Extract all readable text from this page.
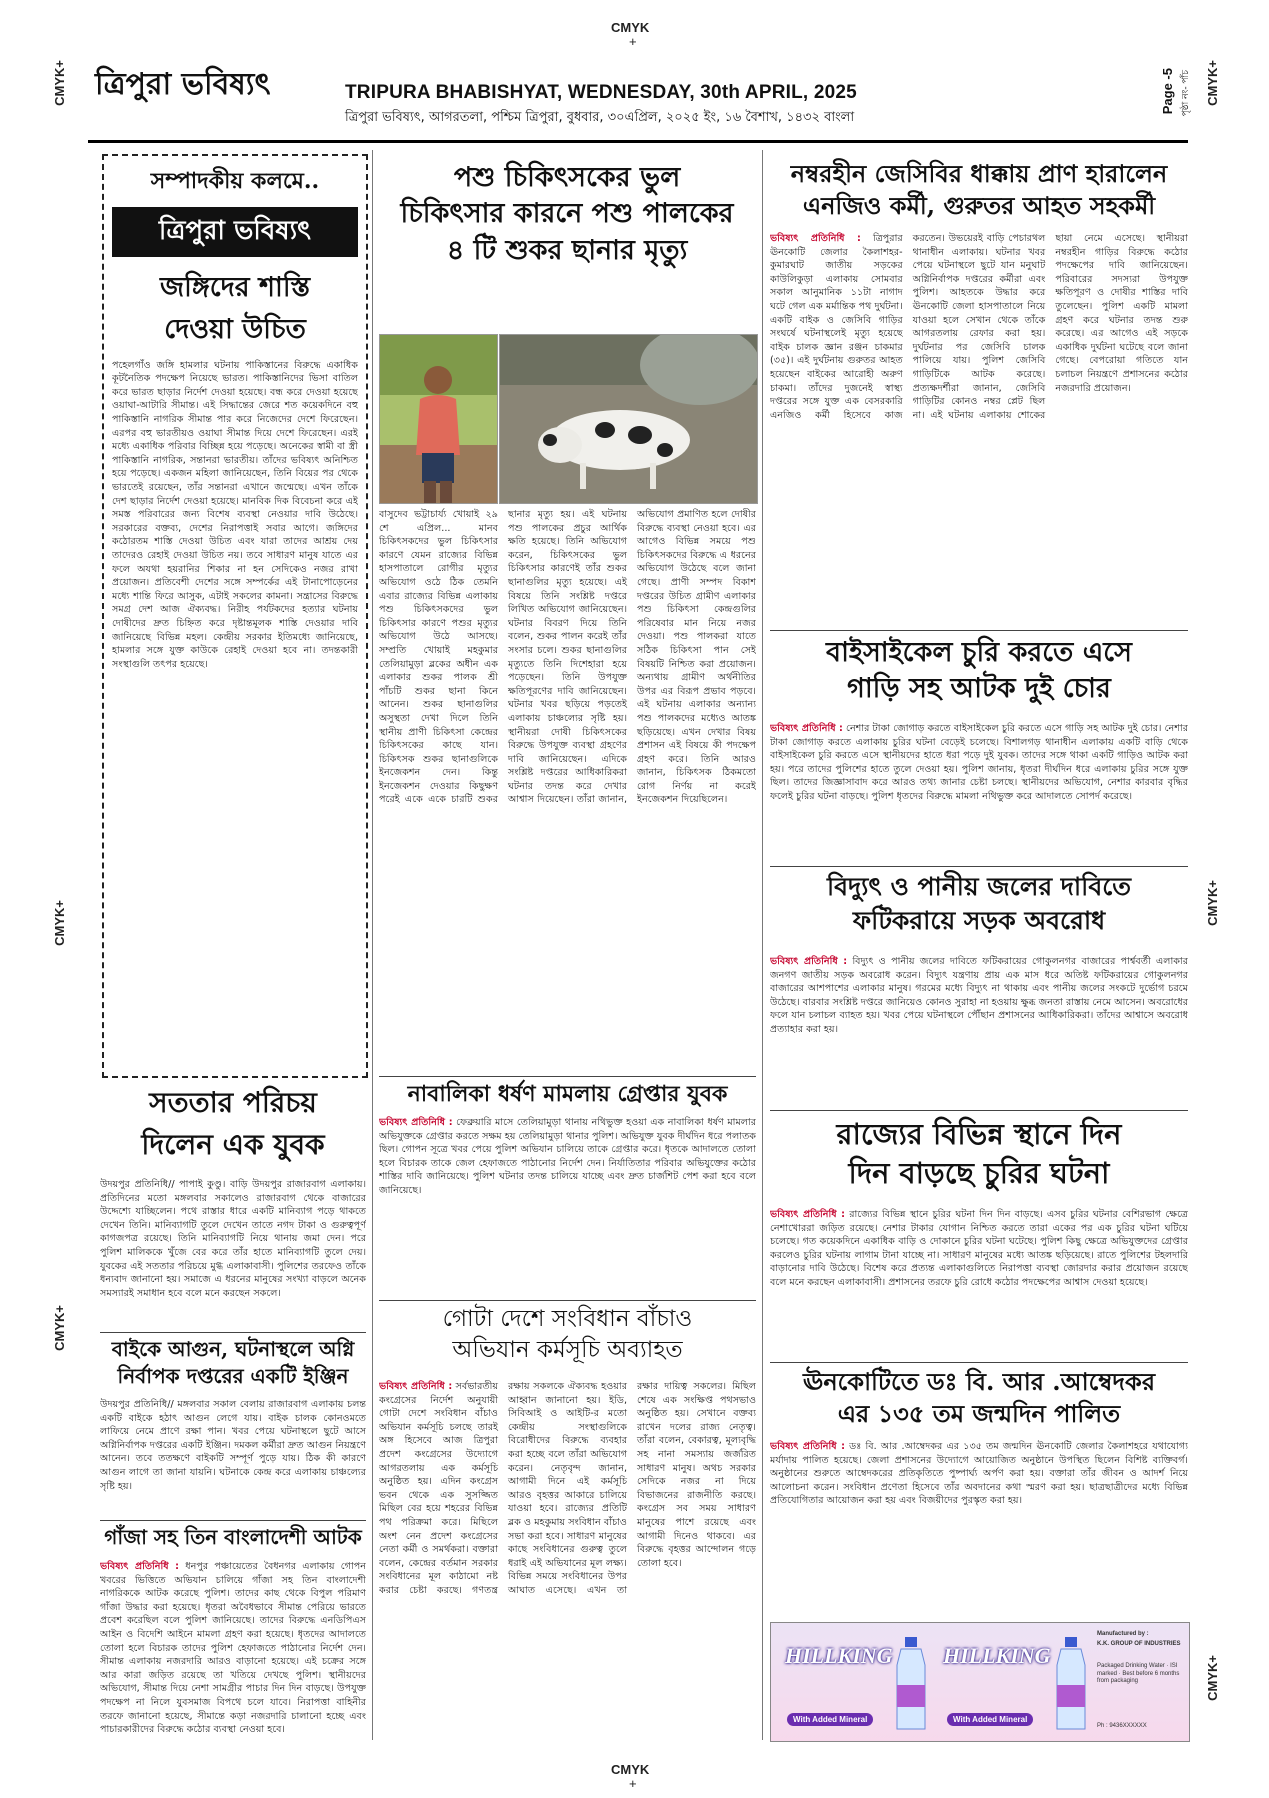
CMYK
+
CMYK
+
CMYK+
CMYK+
CMYK+
CMYK+
CMYK+
CMYK+
ত্রিপুরা ভবিষ্যৎ	TRIPURA BHABISHYAT, WEDNESDAY, 30th APRIL, 2025
ত্রিপুরা ভবিষ্যৎ, আগরতলা, পশ্চিম ত্রিপুরা, বুধবার, ৩০এপ্রিল, ২০২৫ ইং, ১৬ বৈশাখ, ১৪৩২ বাংলা
Page -5 পৃষ্ঠা নং- পাঁচ
সম্পাদকীয় কলমে..
ত্রিপুরা ভবিষ্যৎ
জঙ্গিদের শাস্তি দেওয়া উচিত
পহেলগাঁও জঙ্গি হামলার ঘটনায় পাকিস্তানের বিরুদ্ধে একাধিক কূটনৈতিক পদক্ষেপ নিয়েছে ভারত। পাকিস্তানিদের ভিসা বাতিল করে ভারত ছাড়ার নির্দেশ দেওয়া হয়েছে। বন্ধ করে দেওয়া হয়েছে ওয়াঘা-আটারি সীমান্ত। এই সিদ্ধান্তের জেরে শত কয়েকদিনে বহু পাকিস্তানি নাগরিক সীমান্ত পার করে নিজেদের দেশে ফিরেছেন। এরপর বহু ভারতীয়ও ওয়াঘা সীমান্ত দিয়ে দেশে ফিরেছেন। এরই মধ্যে একাধিক পরিবার বিচ্ছিন্ন হয়ে পড়েছে। অনেকের স্বামী বা স্ত্রী পাকিস্তানি নাগরিক, সন্তানরা ভারতীয়। তাঁদের ভবিষ্যৎ অনিশ্চিত হয়ে পড়েছে। একজন মহিলা জানিয়েছেন, তিনি বিয়ের পর থেকে ভারতেই রয়েছেন, তাঁর সন্তানরা এখানে জন্মেছে। এখন তাঁকে দেশ ছাড়ার নির্দেশ দেওয়া হয়েছে। মানবিক দিক বিবেচনা করে এই সমস্ত পরিবারের জন্য বিশেষ ব্যবস্থা নেওয়ার দাবি উঠেছে। সরকারের বক্তব্য, দেশের নিরাপত্তাই সবার আগে। জঙ্গিদের কঠোরতম শাস্তি দেওয়া উচিত এবং যারা তাদের আশ্রয় দেয় তাদেরও রেহাই দেওয়া উচিত নয়। তবে সাধারণ মানুষ যাতে এর ফলে অযথা হয়রানির শিকার না হন সেদিকেও নজর রাখা প্রয়োজন। প্রতিবেশী দেশের সঙ্গে সম্পর্কের এই টানাপোড়েনের মধ্যে শান্তি ফিরে আসুক, এটাই সকলের কামনা। সন্ত্রাসের বিরুদ্ধে সমগ্র দেশ আজ ঐক্যবদ্ধ। নিরীহ পর্যটকদের হত্যার ঘটনায় দোষীদের দ্রুত চিহ্নিত করে দৃষ্টান্তমূলক শাস্তি দেওয়ার দাবি জানিয়েছে বিভিন্ন মহল। কেন্দ্রীয় সরকার ইতিমধ্যে জানিয়েছে, হামলার সঙ্গে যুক্ত কাউকে রেহাই দেওয়া হবে না। তদন্তকারী সংস্থাগুলি তৎপর হয়েছে।
পশু চিকিৎসকের ভুল
চিকিৎসার কারনে পশু পালকের
৪ টি শুকর ছানার মৃত্যু
বাসুদেব ভট্টাচার্য্য খোয়াই ২৯ শে এপ্রিল... মানব চিকিৎসকদের ভুল চিকিৎসার কারণে যেমন রাজ্যের বিভিন্ন হাসপাতালে রোগীর মৃত্যুর অভিযোগ ওঠে ঠিক তেমনি এবার রাজ্যের বিভিন্ন এলাকায় পশু চিকিৎসকদের ভুল চিকিৎসার কারণে পশুর মৃত্যুর অভিযোগ উঠে আসছে। সম্প্রতি খোয়াই মহকুমার তেলিয়ামুড়া ব্লকের অধীন এক এলাকার শুকর পালক শ্রী পাঁচটি শুকর ছানা কিনে আনেন। শুকর ছানাগুলির অসুস্থতা দেখা দিলে তিনি স্থানীয় প্রাণী চিকিৎসা কেন্দ্রের চিকিৎসকের কাছে যান। চিকিৎসক শুকর ছানাগুলিকে ইনজেকশন দেন। কিন্তু ইনজেকশন দেওয়ার কিছুক্ষণ পরেই একে একে চারটি শুকর ছানার মৃত্যু হয়। এই ঘটনায় পশু পালকের প্রচুর আর্থিক ক্ষতি হয়েছে। তিনি অভিযোগ করেন, চিকিৎসকের ভুল চিকিৎসার কারণেই তাঁর শুকর ছানাগুলির মৃত্যু হয়েছে। এই বিষয়ে তিনি সংশ্লিষ্ট দপ্তরে লিখিত অভিযোগ জানিয়েছেন। ঘটনার বিবরণ দিয়ে তিনি বলেন, শুকর পালন করেই তাঁর সংসার চলে। শুকর ছানাগুলির মৃত্যুতে তিনি দিশেহারা হয়ে পড়েছেন। তিনি উপযুক্ত ক্ষতিপূরণের দাবি জানিয়েছেন। ঘটনার খবর ছড়িয়ে পড়তেই এলাকায় চাঞ্চল্যের সৃষ্টি হয়। স্থানীয়রা দোষী চিকিৎসকের বিরুদ্ধে উপযুক্ত ব্যবস্থা গ্রহণের দাবি জানিয়েছেন। এদিকে সংশ্লিষ্ট দপ্তরের আধিকারিকরা ঘটনার তদন্ত করে দেখার আশ্বাস দিয়েছেন। তাঁরা জানান, অভিযোগ প্রমাণিত হলে দোষীর বিরুদ্ধে ব্যবস্থা নেওয়া হবে। এর আগেও বিভিন্ন সময়ে পশু চিকিৎসকদের বিরুদ্ধে এ ধরনের অভিযোগ উঠেছে বলে জানা গেছে। প্রাণী সম্পদ বিকাশ দপ্তরের উচিত গ্রামীণ এলাকার পশু চিকিৎসা কেন্দ্রগুলির পরিষেবার মান নিয়ে নজর দেওয়া। পশু পালকরা যাতে সঠিক চিকিৎসা পান সেই বিষয়টি নিশ্চিত করা প্রয়োজন। অন্যথায় গ্রামীণ অর্থনীতির উপর এর বিরূপ প্রভাব পড়বে। এই ঘটনায় এলাকার অন্যান্য পশু পালকদের মধ্যেও আতঙ্ক ছড়িয়েছে। এখন দেখার বিষয় প্রশাসন এই বিষয়ে কী পদক্ষেপ গ্রহণ করে। তিনি আরও জানান, চিকিৎসক ঠিকমতো রোগ নির্ণয় না করেই ইনজেকশন দিয়েছিলেন।
নম্বরহীন জেসিবির ধাক্কায় প্রাণ হারালেন
এনজিও কর্মী, গুরুতর আহত সহকর্মী
ভবিষ্যৎ প্রতিনিধি : ত্রিপুরার ঊনকোটি জেলার কৈলাশহর-কুমারঘাট জাতীয় সড়কের কাউলিকুড়া এলাকায় সোমবার সকাল আনুমানিক ১১টা নাগাদ ঘটে গেল এক মর্মান্তিক পথ দুর্ঘটনা। একটি বাইক ও জেসিবি গাড়ির সংঘর্ষে ঘটনাস্থলেই মৃত্যু হয়েছে বাইক চালক জ্ঞান রঞ্জন চাকমার (৩৫)। এই দুর্ঘটনায় গুরুতর আহত হয়েছেন বাইকের আরোহী অরুণ চাকমা। তাঁদের দুজনেই স্বাস্থ্য দপ্তরের সঙ্গে যুক্ত এক বেসরকারি এনজিও কর্মী হিসেবে কাজ করতেন। উভয়েরই বাড়ি পেচারথল থানাধীন এলাকায়। ঘটনার খবর পেয়ে ঘটনাস্থলে ছুটে যান মনুঘাট অগ্নিনির্বাপক দপ্তরের কর্মীরা এবং পুলিশ। আহতকে উদ্ধার করে ঊনকোটি জেলা হাসপাতালে নিয়ে যাওয়া হলে সেখান থেকে তাঁকে আগরতলায় রেফার করা হয়। দুর্ঘটনার পর জেসিবি চালক পালিয়ে যায়। পুলিশ জেসিবি গাড়িটিকে আটক করেছে। প্রত্যক্ষদর্শীরা জানান, জেসিবি গাড়িটির কোনও নম্বর প্লেট ছিল না। এই ঘটনায় এলাকায় শোকের ছায়া নেমে এসেছে। স্থানীয়রা নম্বরহীন গাড়ির বিরুদ্ধে কঠোর পদক্ষেপের দাবি জানিয়েছেন। পরিবারের সদস্যরা উপযুক্ত ক্ষতিপূরণ ও দোষীর শাস্তির দাবি তুলেছেন। পুলিশ একটি মামলা গ্রহণ করে ঘটনার তদন্ত শুরু করেছে। এর আগেও এই সড়কে একাধিক দুর্ঘটনা ঘটেছে বলে জানা গেছে। বেপরোয়া গতিতে যান চলাচল নিয়ন্ত্রণে প্রশাসনের কঠোর নজরদারি প্রয়োজন।
বাইসাইকেল চুরি করতে এসে
গাড়ি সহ আটক দুই চোর
ভবিষ্যৎ প্রতিনিধি : নেশার টাকা জোগাড় করতে বাইসাইকেল চুরি করতে এসে গাড়ি সহ আটক দুই চোর। নেশার টাকা জোগাড় করতে এলাকায় চুরির ঘটনা বেড়েই চলেছে। বিশালগড় থানাধীন এলাকায় একটি বাড়ি থেকে বাইসাইকেল চুরি করতে এসে স্থানীয়দের হাতে ধরা পড়ে দুই যুবক। তাদের সঙ্গে থাকা একটি গাড়িও আটক করা হয়। পরে তাদের পুলিশের হাতে তুলে দেওয়া হয়। পুলিশ জানায়, ধৃতরা দীর্ঘদিন ধরে এলাকায় চুরির সঙ্গে যুক্ত ছিল। তাদের জিজ্ঞাসাবাদ করে আরও তথ্য জানার চেষ্টা চলছে। স্থানীয়দের অভিযোগ, নেশার কারবার বৃদ্ধির ফলেই চুরির ঘটনা বাড়ছে। পুলিশ ধৃতদের বিরুদ্ধে মামলা নথিভুক্ত করে আদালতে সোপর্দ করেছে।
বিদ্যুৎ ও পানীয় জলের দাবিতে
ফটিকরায়ে সড়ক অবরোধ
ভবিষ্যৎ প্রতিনিধি : বিদ্যুৎ ও পানীয় জলের দাবিতে ফটিকরায়ের গোকুলনগর বাজারের পার্শ্ববর্তী এলাকার জনগণ জাতীয় সড়ক অবরোধ করেন। বিদ্যুৎ যন্ত্রণায় প্রায় এক মাস ধরে অতিষ্ট ফটিকরায়ের গোকুলনগর বাজারের আশপাশের এলাকার মানুষ। গরমের মধ্যে বিদ্যুৎ না থাকায় এবং পানীয় জলের সংকটে দুর্ভোগ চরমে উঠেছে। বারবার সংশ্লিষ্ট দপ্তরে জানিয়েও কোনও সুরাহা না হওয়ায় ক্ষুব্ধ জনতা রাস্তায় নেমে আসেন। অবরোধের ফলে যান চলাচল ব্যাহত হয়। খবর পেয়ে ঘটনাস্থলে পৌঁছান প্রশাসনের আধিকারিকরা। তাঁদের আশ্বাসে অবরোধ প্রত্যাহার করা হয়।
রাজ্যের বিভিন্ন স্থানে দিন
দিন বাড়ছে চুরির ঘটনা
ভবিষ্যৎ প্রতিনিধি : রাজ্যের বিভিন্ন স্থানে চুরির ঘটনা দিন দিন বাড়ছে। এসব চুরির ঘটনার বেশিরভাগ ক্ষেত্রে নেশাখোররা জড়িত রয়েছে। নেশার টাকার যোগান নিশ্চিত করতে তারা একের পর এক চুরির ঘটনা ঘটিয়ে চলেছে। গত কয়েকদিনে একাধিক বাড়ি ও দোকানে চুরির ঘটনা ঘটেছে। পুলিশ কিছু ক্ষেত্রে অভিযুক্তদের গ্রেপ্তার করলেও চুরির ঘটনায় লাগাম টানা যাচ্ছে না। সাধারণ মানুষের মধ্যে আতঙ্ক ছড়িয়েছে। রাতে পুলিশের টহলদারি বাড়ানোর দাবি উঠেছে। বিশেষ করে প্রত্যন্ত এলাকাগুলিতে নিরাপত্তা ব্যবস্থা জোরদার করার প্রয়োজন রয়েছে বলে মনে করছেন এলাকাবাসী। প্রশাসনের তরফে চুরি রোধে কঠোর পদক্ষেপের আশ্বাস দেওয়া হয়েছে।
ঊনকোটিতে ডঃ বি. আর .আম্বেদকর
এর ১৩৫ তম জন্মদিন পালিত
ভবিষ্যৎ প্রতিনিধি : ডঃ বি. আর .আম্বেদকর এর ১৩৫ তম জন্মদিন ঊনকোটি জেলার কৈলাশহরে যথাযোগ্য মর্যাদায় পালিত হয়েছে। জেলা প্রশাসনের উদ্যোগে আয়োজিত অনুষ্ঠানে উপস্থিত ছিলেন বিশিষ্ট ব্যক্তিবর্গ। অনুষ্ঠানের শুরুতে আম্বেদকরের প্রতিকৃতিতে পুষ্পার্ঘ্য অর্পণ করা হয়। বক্তারা তাঁর জীবন ও আদর্শ নিয়ে আলোচনা করেন। সংবিধান প্রণেতা হিসেবে তাঁর অবদানের কথা স্মরণ করা হয়। ছাত্রছাত্রীদের মধ্যে বিভিন্ন প্রতিযোগিতার আয়োজন করা হয় এবং বিজয়ীদের পুরস্কৃত করা হয়।
HILLKING
With Added Mineral
HILLKING
With Added Mineral
Manufactured by :
K.K. GROUP OF INDUSTRIES
Packaged Drinking Water · ISI marked · Best before 6 months from packaging
Ph : 9436XXXXXX
সততার পরিচয়
দিলেন এক যুবক
উদয়পুর প্রতিনিধি// পাপাই কুণ্ডু। বাড়ি উদয়পুর রাজারবাগ এলাকায়। প্রতিদিনের মতো মঙ্গলবার সকালেও রাজারবাগ থেকে বাজারের উদ্দেশ্যে যাচ্ছিলেন। পথে রাস্তার ধারে একটি মানিব্যাগ পড়ে থাকতে দেখেন তিনি। মানিব্যাগটি তুলে দেখেন তাতে নগদ টাকা ও গুরুত্বপূর্ণ কাগজপত্র রয়েছে। তিনি মানিব্যাগটি নিয়ে থানায় জমা দেন। পরে পুলিশ মালিককে খুঁজে বের করে তাঁর হাতে মানিব্যাগটি তুলে দেয়। যুবকের এই সততার পরিচয়ে মুগ্ধ এলাকাবাসী। পুলিশের তরফেও তাঁকে ধন্যবাদ জানানো হয়। সমাজে এ ধরনের মানুষের সংখ্যা বাড়লে অনেক সমস্যারই সমাধান হবে বলে মনে করছেন সকলে।
বাইকে আগুন, ঘটনাস্থলে অগ্নি
নির্বাপক দপ্তরের একটি ইঞ্জিন
উদয়পুর প্রতিনিধি// মঙ্গলবার সকাল বেলায় রাজারবাগ এলাকায় চলন্ত একটি বাইকে হঠাৎ আগুন লেগে যায়। বাইক চালক কোনওমতে লাফিয়ে নেমে প্রাণে রক্ষা পান। খবর পেয়ে ঘটনাস্থলে ছুটে আসে অগ্নিনির্বাপক দপ্তরের একটি ইঞ্জিন। দমকল কর্মীরা দ্রুত আগুন নিয়ন্ত্রণে আনেন। তবে ততক্ষণে বাইকটি সম্পূর্ণ পুড়ে যায়। ঠিক কী কারণে আগুন লাগে তা জানা যায়নি। ঘটনাকে কেন্দ্র করে এলাকায় চাঞ্চল্যের সৃষ্টি হয়।
গাঁজা সহ তিন বাংলাদেশী আটক
ভবিষ্যৎ প্রতিনিধি : ধনপুর পঞ্চায়েতের বৈধনগর এলাকায় গোপন খবরের ভিত্তিতে অভিযান চালিয়ে গাঁজা সহ তিন বাংলাদেশী নাগরিককে আটক করেছে পুলিশ। তাদের কাছ থেকে বিপুল পরিমাণ গাঁজা উদ্ধার করা হয়েছে। ধৃতরা অবৈধভাবে সীমান্ত পেরিয়ে ভারতে প্রবেশ করেছিল বলে পুলিশ জানিয়েছে। তাদের বিরুদ্ধে এনডিপিএস আইন ও বিদেশি আইনে মামলা গ্রহণ করা হয়েছে। ধৃতদের আদালতে তোলা হলে বিচারক তাদের পুলিশ হেফাজতে পাঠানোর নির্দেশ দেন। সীমান্ত এলাকায় নজরদারি আরও বাড়ানো হয়েছে। এই চক্রের সঙ্গে আর কারা জড়িত রয়েছে তা খতিয়ে দেখছে পুলিশ। স্থানীয়দের অভিযোগ, সীমান্ত দিয়ে নেশা সামগ্রীর পাচার দিন দিন বাড়ছে। উপযুক্ত পদক্ষেপ না নিলে যুবসমাজ বিপথে চলে যাবে। নিরাপত্তা বাহিনীর তরফে জানানো হয়েছে, সীমান্তে কড়া নজরদারি চালানো হচ্ছে এবং পাচারকারীদের বিরুদ্ধে কঠোর ব্যবস্থা নেওয়া হবে।
নাবালিকা ধর্ষণ মামলায় গ্রেপ্তার যুবক
ভবিষ্যৎ প্রতিনিধি : ফেব্রুয়ারি মাসে তেলিয়ামুড়া থানায় নথিভুক্ত হওয়া এক নাবালিকা ধর্ষণ মামলার অভিযুক্তকে গ্রেপ্তার করতে সক্ষম হয় তেলিয়ামুড়া থানার পুলিশ। অভিযুক্ত যুবক দীর্ঘদিন ধরে পলাতক ছিল। গোপন সূত্রে খবর পেয়ে পুলিশ অভিযান চালিয়ে তাকে গ্রেপ্তার করে। ধৃতকে আদালতে তোলা হলে বিচারক তাকে জেল হেফাজতে পাঠানোর নির্দেশ দেন। নির্যাতিতার পরিবার অভিযুক্তের কঠোর শাস্তির দাবি জানিয়েছে। পুলিশ ঘটনার তদন্ত চালিয়ে যাচ্ছে এবং দ্রুত চার্জশিট পেশ করা হবে বলে জানিয়েছে।
গোটা দেশে সংবিধান বাঁচাও
অভিযান কর্মসূচি অব্যাহত
ভবিষ্যৎ প্রতিনিধি : সর্বভারতীয় কংগ্রেসের নির্দেশ অনুযায়ী গোটা দেশে সংবিধান বাঁচাও অভিযান কর্মসূচি চলছে তারই অঙ্গ হিসেবে আজ ত্রিপুরা প্রদেশ কংগ্রেসের উদ্যোগে আগরতলায় এক কর্মসূচি অনুষ্ঠিত হয়। এদিন কংগ্রেস ভবন থেকে এক সুসজ্জিত মিছিল বের হয়ে শহরের বিভিন্ন পথ পরিক্রমা করে। মিছিলে অংশ নেন প্রদেশ কংগ্রেসের নেতা কর্মী ও সমর্থকরা। বক্তারা বলেন, কেন্দ্রের বর্তমান সরকার সংবিধানের মূল কাঠামো নষ্ট করার চেষ্টা করছে। গণতন্ত্র রক্ষায় সকলকে ঐক্যবদ্ধ হওয়ার আহ্বান জানানো হয়। ইডি, সিবিআই ও আইটি-র মতো কেন্দ্রীয় সংস্থাগুলিকে বিরোধীদের বিরুদ্ধে ব্যবহার করা হচ্ছে বলে তাঁরা অভিযোগ করেন। নেতৃবৃন্দ জানান, আগামী দিনে এই কর্মসূচি আরও বৃহত্তর আকারে চালিয়ে যাওয়া হবে। রাজ্যের প্রতিটি ব্লক ও মহকুমায় সংবিধান বাঁচাও সভা করা হবে। সাধারণ মানুষের কাছে সংবিধানের গুরুত্ব তুলে ধরাই এই অভিযানের মূল লক্ষ্য। বিভিন্ন সময়ে সংবিধানের উপর আঘাত এসেছে। এখন তা রক্ষার দায়িত্ব সকলের। মিছিল শেষে এক সংক্ষিপ্ত পথসভাও অনুষ্ঠিত হয়। সেখানে বক্তব্য রাখেন দলের রাজ্য নেতৃত্ব। তাঁরা বলেন, বেকারত্ব, মূল্যবৃদ্ধি সহ নানা সমস্যায় জর্জরিত সাধারণ মানুষ। অথচ সরকার সেদিকে নজর না দিয়ে বিভাজনের রাজনীতি করছে। কংগ্রেস সব সময় সাধারণ মানুষের পাশে রয়েছে এবং আগামী দিনেও থাকবে। এর বিরুদ্ধে বৃহত্তর আন্দোলন গড়ে তোলা হবে।
